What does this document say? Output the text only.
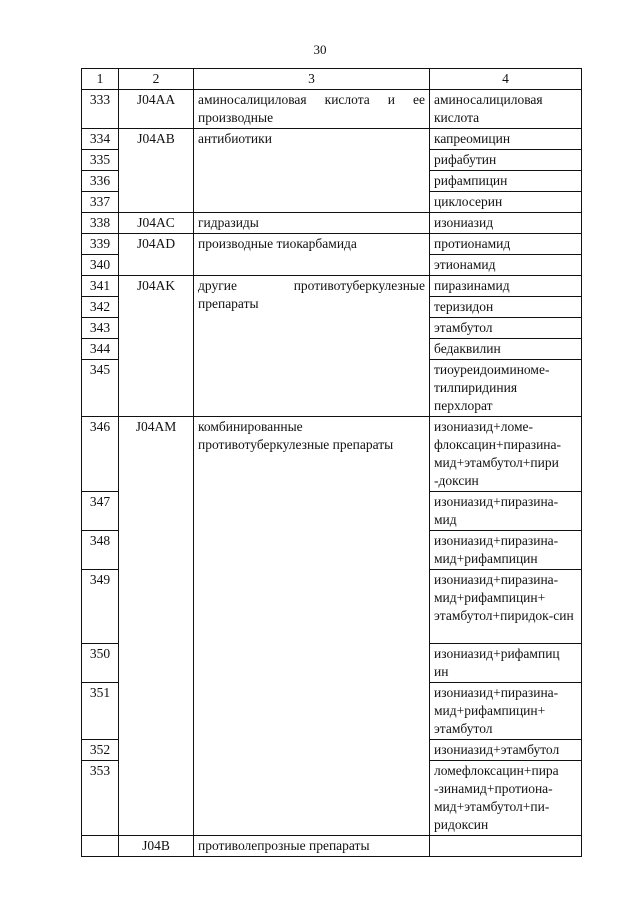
30
1	2	3	4
333	J04AA	аминосалициловая кислота и ее производные	аминосалициловая кислота
334	J04AB	антибиотики	капреомицин
335			рифабутин
336			рифампицин
337			циклосерин
338	J04AC	гидразиды	изониазид
339	J04AD	производные тиокарбамида	протионамид
340			этионамид
341	J04AK	другие противотуберкулезные препараты	пиразинамид
342			теризидон
343			этамбутол
344			бедаквилин
345			тиоуреидоиминоме-тилпиридиния перхлорат
346	J04AM	комбинированные противотуберкулезные препараты	изониазид+ломе-флоксацин+пиразина-мид+этамбутол+пири -доксин
347			изониазид+пиразина-мид
348			изониазид+пиразина-мид+рифампицин
349			изониазид+пиразина-мид+рифампицин+ этамбутол+пиридок-син
350			изониазид+рифампиц ин
351			изониазид+пиразина-мид+рифампицин+ этамбутол
352			изониазид+этамбутол
353			ломефлоксацин+пира -зинамид+протиона-мид+этамбутол+пи-ридоксин
	J04B	противолепрозные препараты	
